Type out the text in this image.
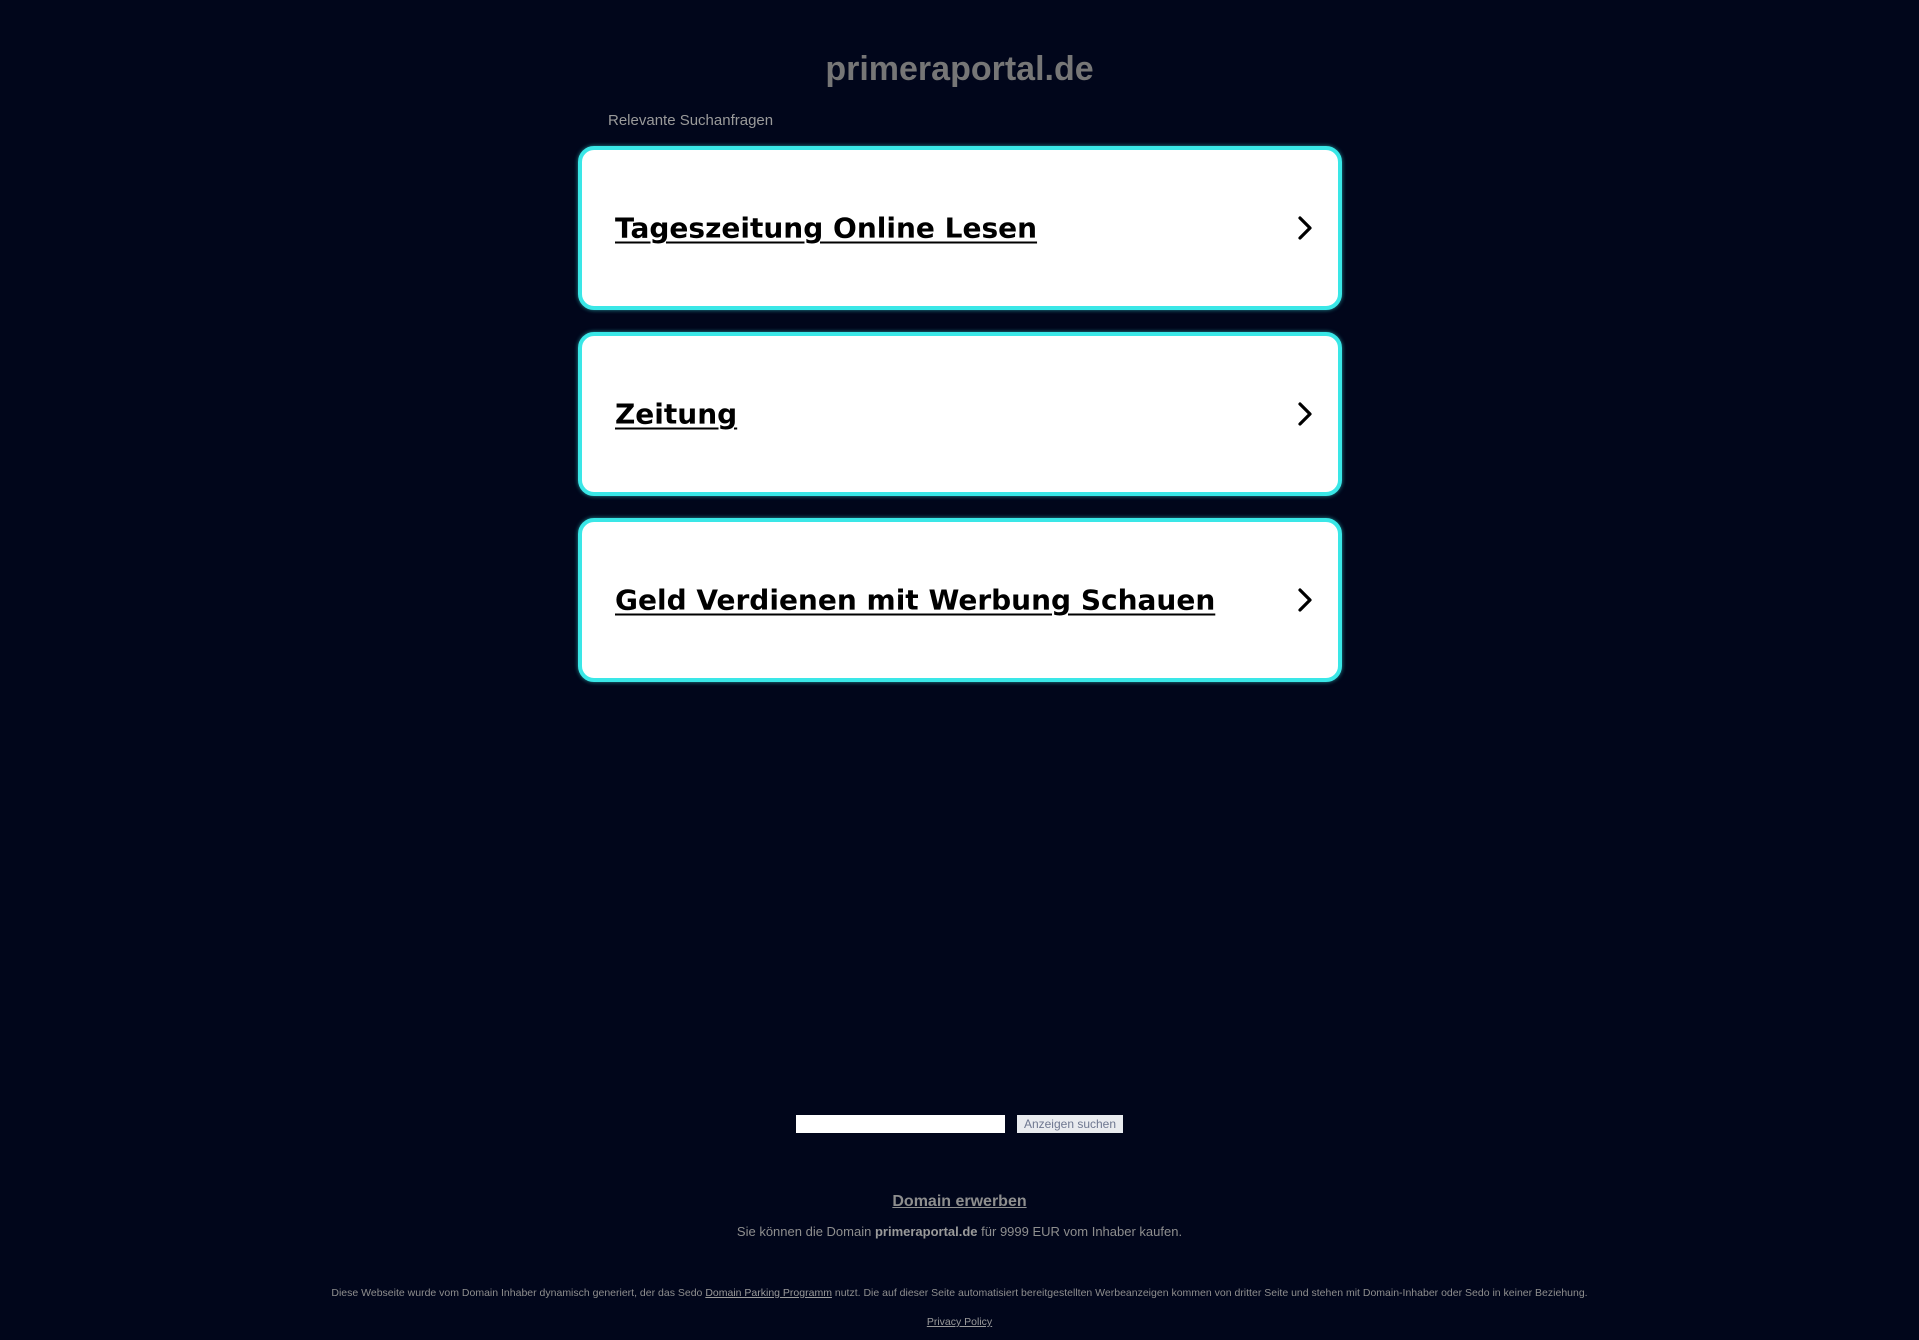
primeraportal.de
Relevante Suchanfragen
Tageszeitung Online Lesen
Zeitung
Geld Verdienen mit Werbung Schauen
Anzeigen suchen
Domain erwerben
Sie können die Domain primeraportal.de für 9999 EUR vom Inhaber kaufen.
Diese Webseite wurde vom Domain Inhaber dynamisch generiert, der das Sedo Domain Parking Programm nutzt. Die auf dieser Seite automatisiert bereitgestellten Werbeanzeigen kommen von dritter Seite und stehen mit Domain-Inhaber oder Sedo in keiner Beziehung.
Privacy Policy
